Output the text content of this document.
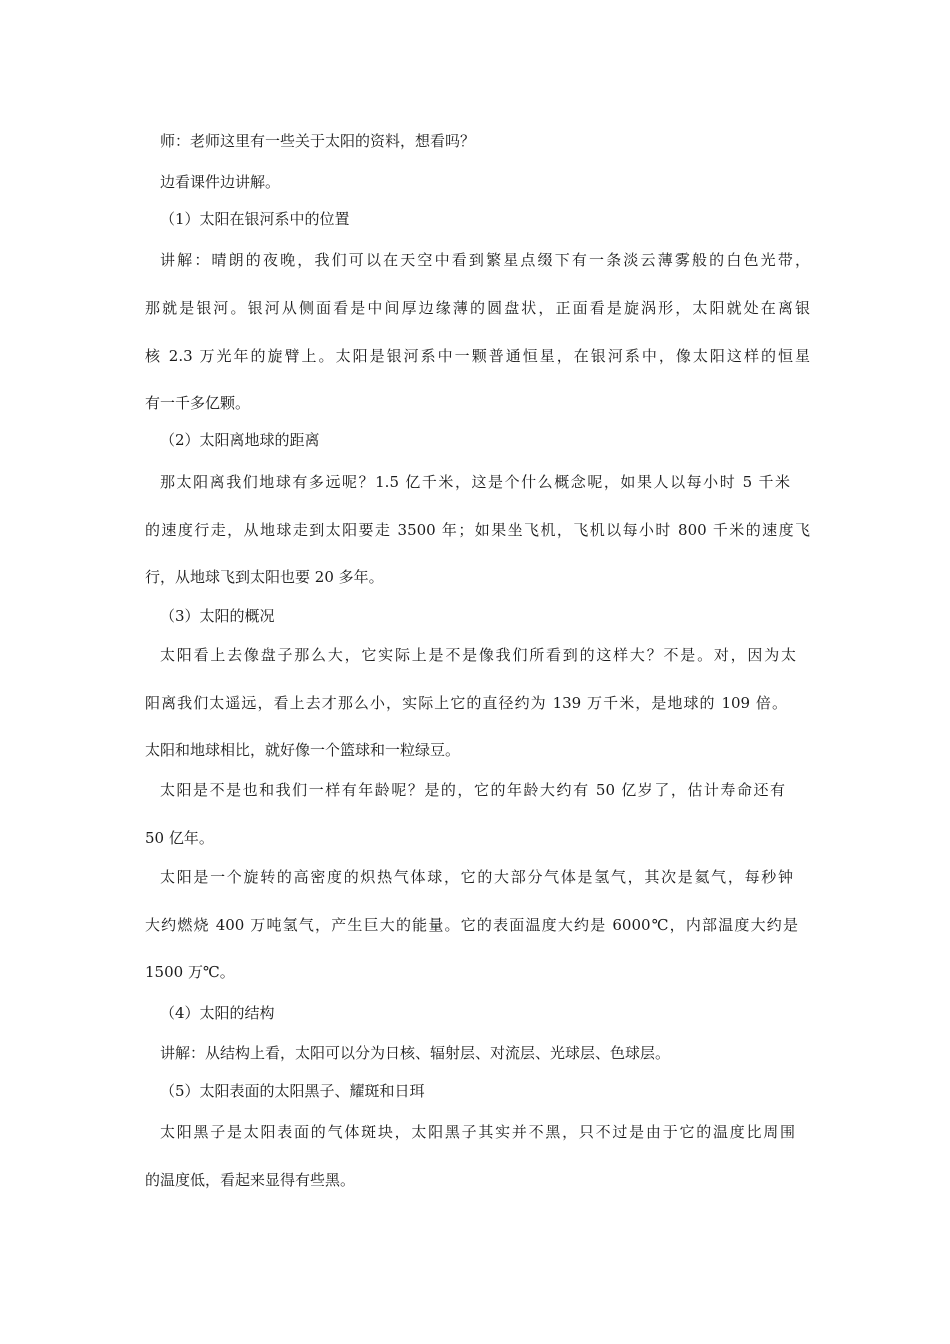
师：老师这里有一些关于太阳的资料，想看吗？
边看课件边讲解。
（1）太阳在银河系中的位置
讲解：晴朗的夜晚，我们可以在天空中看到繁星点缀下有一条淡云薄雾般的白色光带，
那就是银河。银河从侧面看是中间厚边缘薄的圆盘状，正面看是旋涡形，太阳就处在离银
核 2.3 万光年的旋臂上。太阳是银河系中一颗普通恒星，在银河系中，像太阳这样的恒星
有一千多亿颗。
（2）太阳离地球的距离
那太阳离我们地球有多远呢？1.5 亿千米，这是个什么概念呢，如果人以每小时 5 千米
的速度行走，从地球走到太阳要走 3500 年；如果坐飞机，飞机以每小时 800 千米的速度飞
行，从地球飞到太阳也要 20 多年。
（3）太阳的概况
太阳看上去像盘子那么大，它实际上是不是像我们所看到的这样大？不是。对，因为太
阳离我们太遥远，看上去才那么小，实际上它的直径约为 139 万千米，是地球的 109 倍。
太阳和地球相比，就好像一个篮球和一粒绿豆。
太阳是不是也和我们一样有年龄呢？是的，它的年龄大约有 50 亿岁了，估计寿命还有
50 亿年。
太阳是一个旋转的高密度的炽热气体球，它的大部分气体是氢气，其次是氦气，每秒钟
大约燃烧 400 万吨氢气，产生巨大的能量。它的表面温度大约是 6000℃，内部温度大约是
1500 万℃。
（4）太阳的结构
讲解：从结构上看，太阳可以分为日核、辐射层、对流层、光球层、色球层。
（5）太阳表面的太阳黑子、耀斑和日珥
太阳黑子是太阳表面的气体斑块，太阳黑子其实并不黑，只不过是由于它的温度比周围
的温度低，看起来显得有些黑。
